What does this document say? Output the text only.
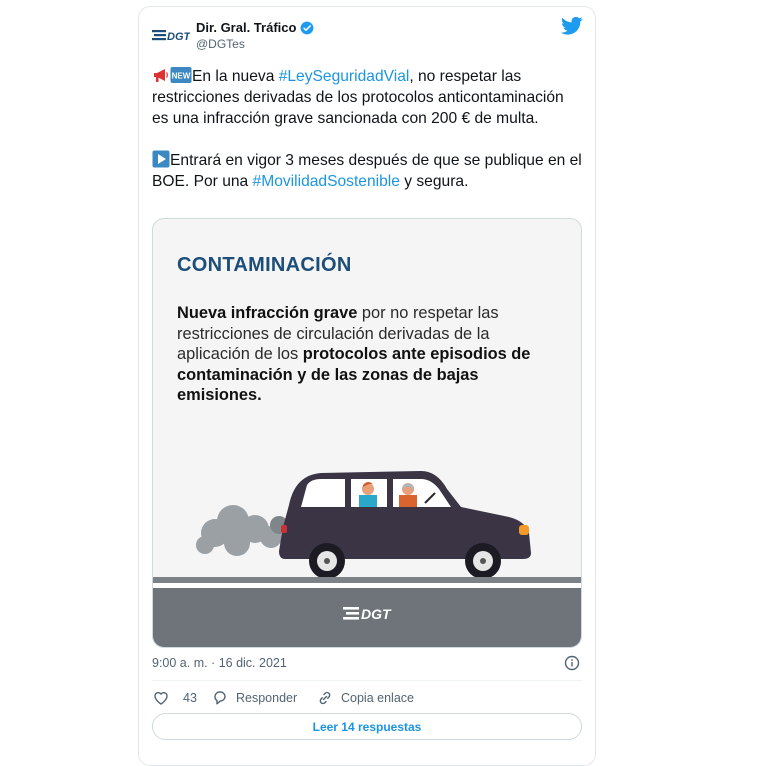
DGT
Dir. Gral. Tráfico
@DGTes

NEW En la nueva #LeySeguridadVial, no respetar las restricciones derivadas de los protocolos anticontaminación es una infracción grave sancionada con 200 € de multa.

Entrará en vigor 3 meses después de que se publique en el BOE. Por una #MovilidadSostenible y segura.

CONTAMINACIÓN
Nueva infracción grave por no respetar las restricciones de circulación derivadas de la aplicación de los protocolos ante episodios de contaminación y de las zonas de bajas emisiones.
DGT
9:00 a. m. · 16 dic. 2021
43	Responder	Copia enlace
Leer 14 respuestas
